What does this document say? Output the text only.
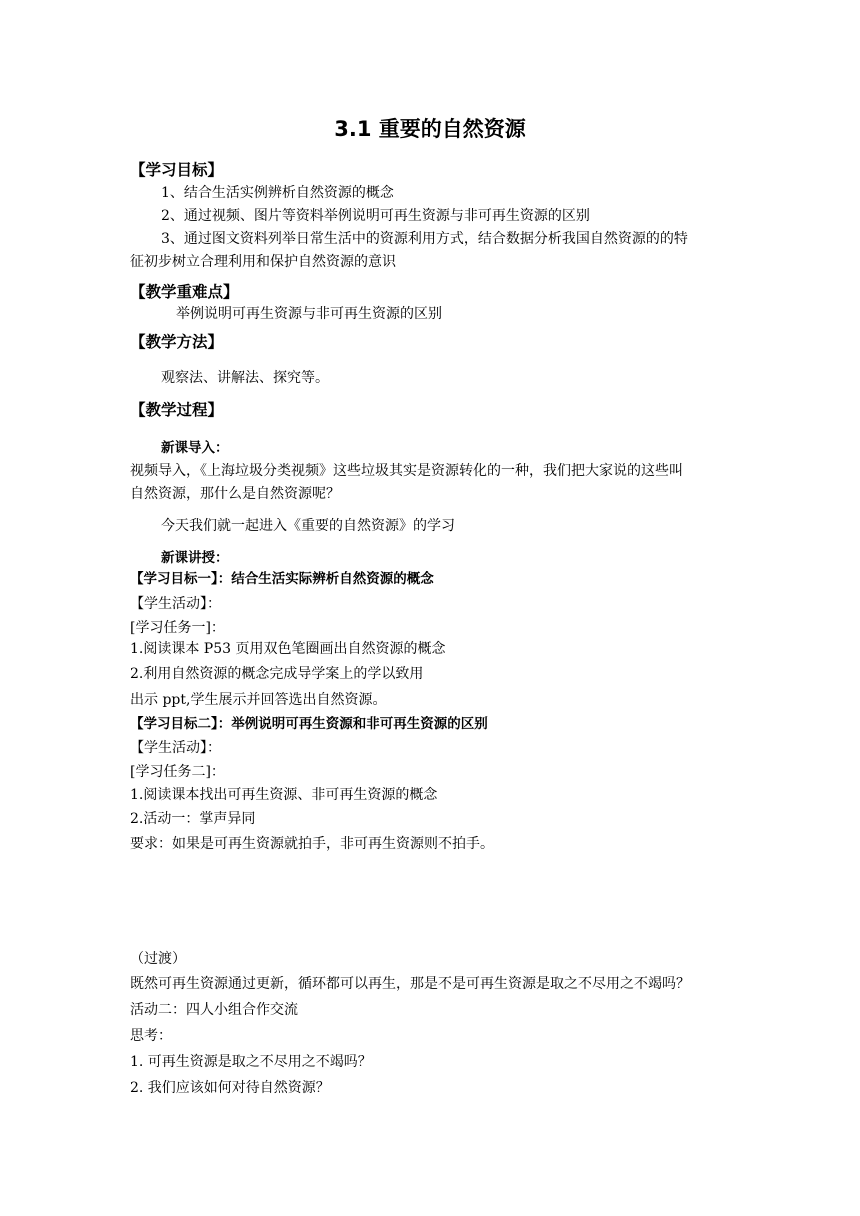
3.1 重要的自然资源
【学习目标】
1、结合生活实例辨析自然资源的概念
2、通过视频、图片等资料举例说明可再生资源与非可再生资源的区别
3、通过图文资料列举日常生活中的资源利用方式，结合数据分析我国自然资源的的特
征初步树立合理利用和保护自然资源的意识
【教学重难点】
举例说明可再生资源与非可再生资源的区别
【教学方法】
观察法、讲解法、探究等。
【教学过程】
新课导入：
视频导入，《上海垃圾分类视频》这些垃圾其实是资源转化的一种，我们把大家说的这些叫
自然资源，那什么是自然资源呢？
今天我们就一起进入《重要的自然资源》的学习
新课讲授：
【学习目标一】：结合生活实际辨析自然资源的概念
【学生活动】：
[学习任务一]：
1.阅读课本 P53 页用双色笔圈画出自然资源的概念
2.利用自然资源的概念完成导学案上的学以致用
出示 ppt,学生展示并回答选出自然资源。
【学习目标二】：举例说明可再生资源和非可再生资源的区别
【学生活动】：
[学习任务二]：
1.阅读课本找出可再生资源、非可再生资源的概念
2.活动一：掌声异同
要求：如果是可再生资源就拍手，非可再生资源则不拍手。
（过渡）
既然可再生资源通过更新，循环都可以再生，那是不是可再生资源是取之不尽用之不竭吗？
活动二：四人小组合作交流
思考：
1. 可再生资源是取之不尽用之不竭吗？
2. 我们应该如何对待自然资源？
